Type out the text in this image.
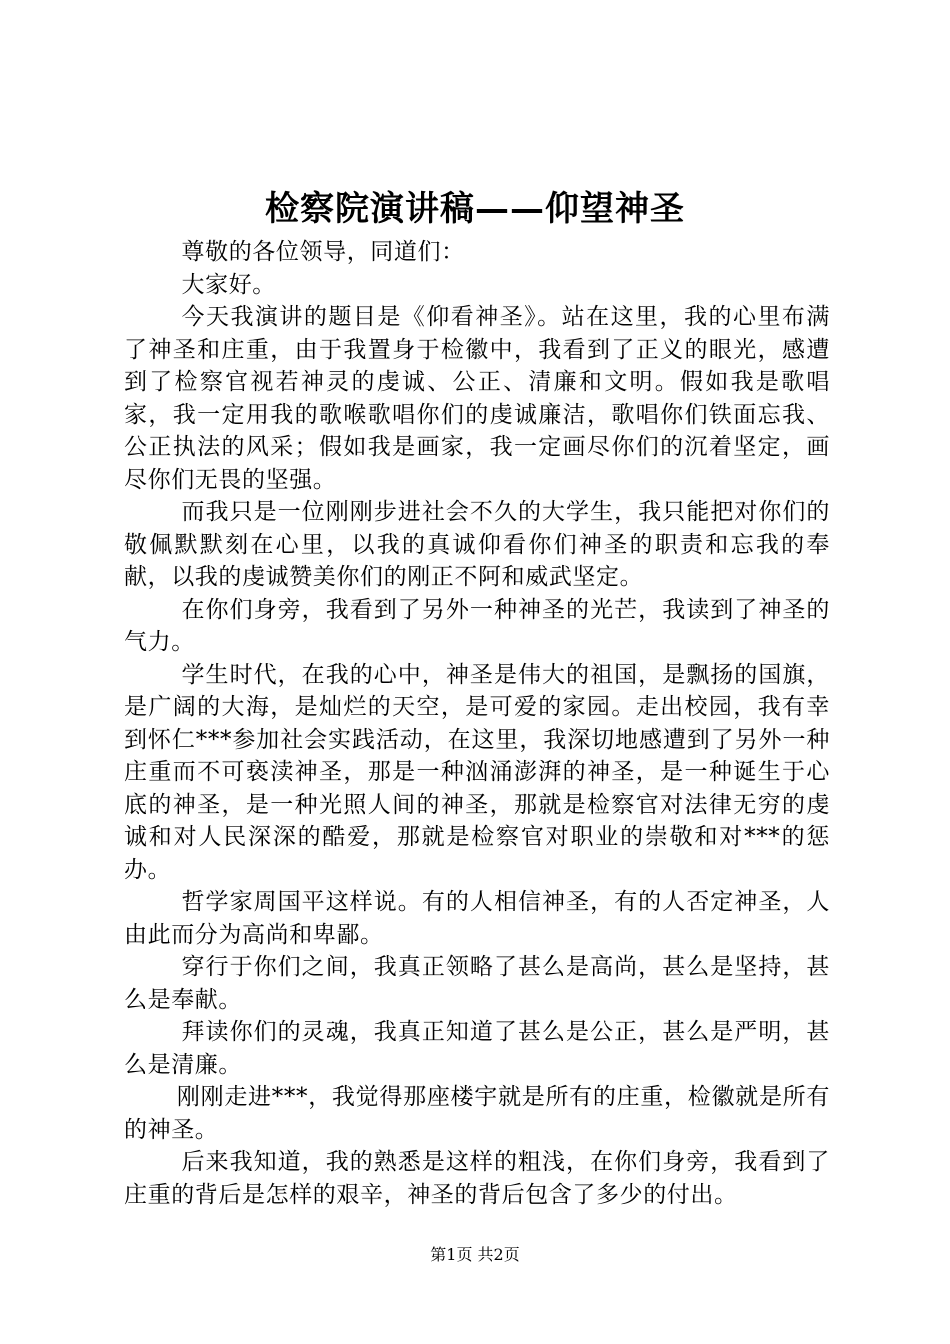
检察院演讲稿——仰望神圣

尊敬的各位领导，同道们：

大家好。

今天我演讲的题目是《仰看神圣》。站在这里，我的心里布满了神圣和庄重，由于我置身于检徽中，我看到了正义的眼光，感遭到了检察官视若神灵的虔诚、公正、清廉和文明。假如我是歌唱家，我一定用我的歌喉歌唱你们的虔诚廉洁，歌唱你们铁面忘我、公正执法的风采；假如我是画家，我一定画尽你们的沉着坚定，画尽你们无畏的坚强。

而我只是一位刚刚步进社会不久的大学生，我只能把对你们的敬佩默默刻在心里，以我的真诚仰看你们神圣的职责和忘我的奉献，以我的虔诚赞美你们的刚正不阿和威武坚定。

在你们身旁，我看到了另外一种神圣的光芒，我读到了神圣的气力。

学生时代，在我的心中，神圣是伟大的祖国，是飘扬的国旗，是广阔的大海，是灿烂的天空，是可爱的家园。走出校园，我有幸到怀仁***参加社会实践活动，在这里，我深切地感遭到了另外一种庄重而不可亵渎神圣，那是一种汹涌澎湃的神圣，是一种诞生于心底的神圣，是一种光照人间的神圣，那就是检察官对法律无穷的虔诚和对人民深深的酷爱，那就是检察官对职业的崇敬和对***的惩办。

哲学家周国平这样说。有的人相信神圣，有的人否定神圣，人由此而分为高尚和卑鄙。

穿行于你们之间，我真正领略了甚么是高尚，甚么是坚持，甚么是奉献。

拜读你们的灵魂，我真正知道了甚么是公正，甚么是严明，甚么是清廉。

刚刚走进***，我觉得那座楼宇就是所有的庄重，检徽就是所有的神圣。

后来我知道，我的熟悉是这样的粗浅，在你们身旁，我看到了庄重的背后是怎样的艰辛，神圣的背后包含了多少的付出。

第1页 共2页
